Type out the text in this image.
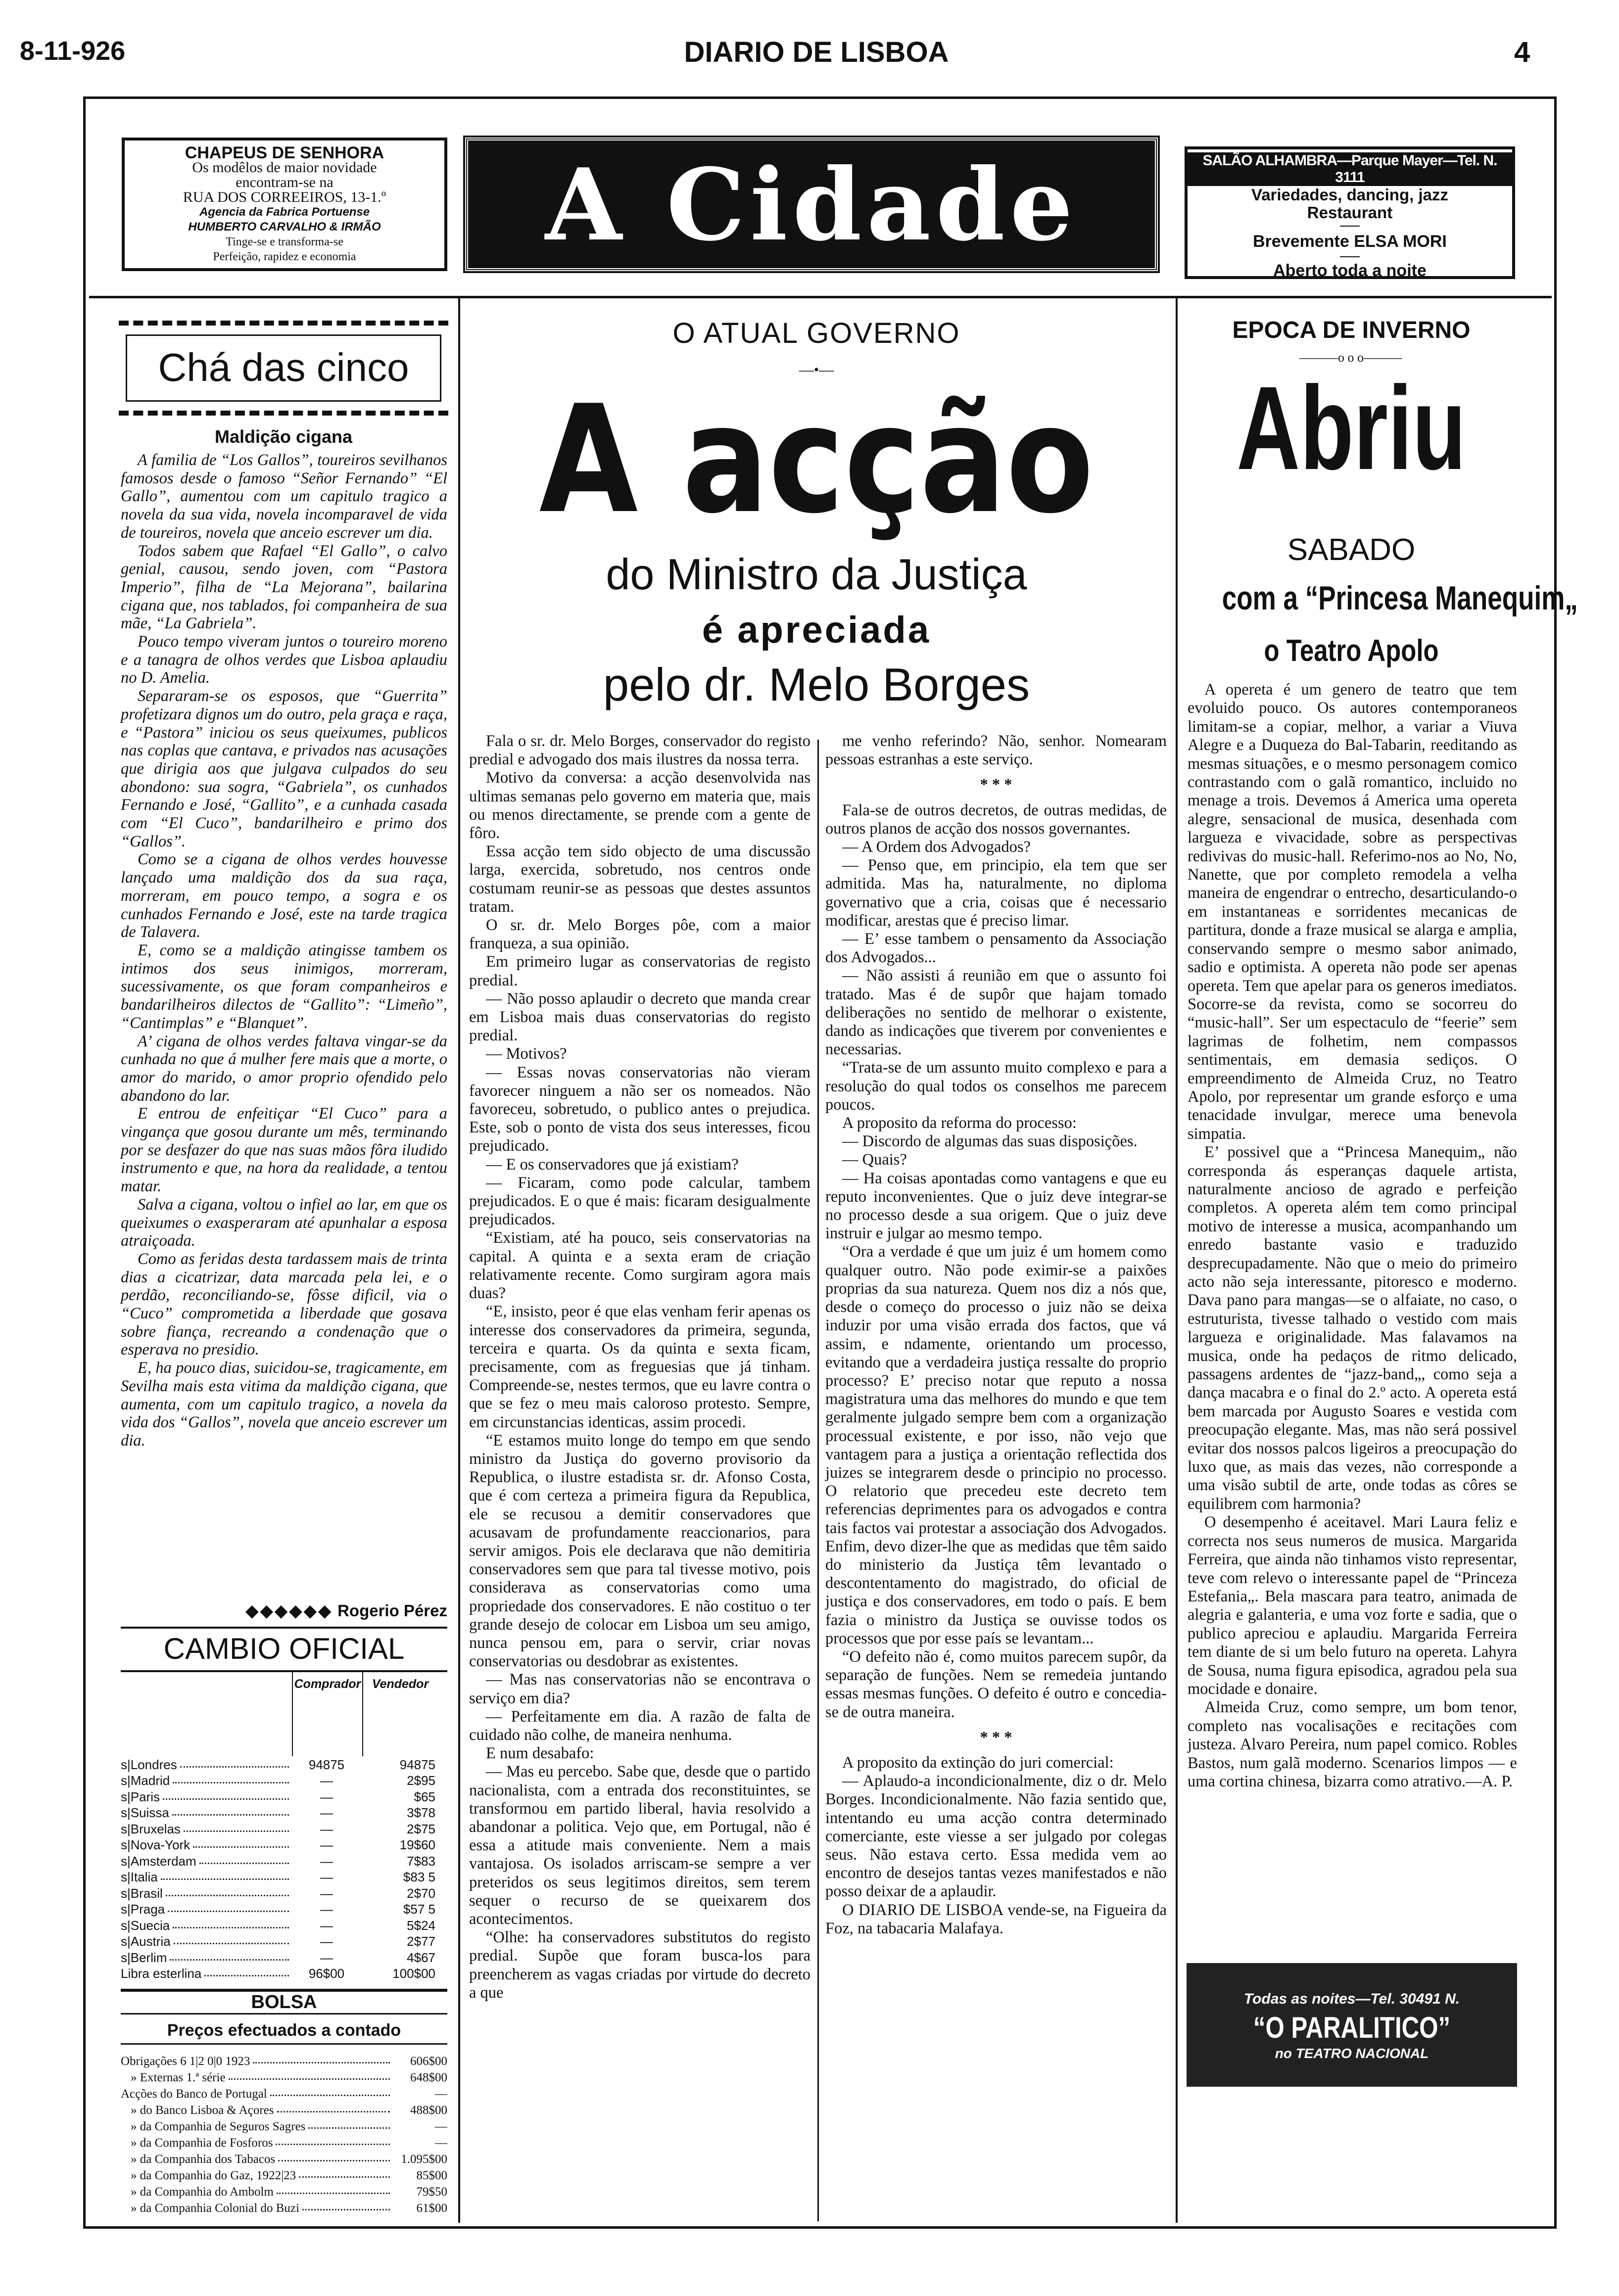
8-11-926	DIARIO DE LISBOA	4
CHAPEUS DE SENHORA
Os modêlos de maior novidade
encontram-se na
RUA DOS CORREEIROS, 13-1.º
Agencia da Fabrica Portuense
HUMBERTO CARVALHO & IRMÃO
Tinge-se e transforma-se
Perfeição, rapidez e economia	A Cidade	SALÃO ALHAMBRA—Parque Mayer—Tel. N. 3111
Variedades, dancing, jazz
Restaurant
Brevemente ELSA MORI
Aberto toda a noite
Chá das cinco
Maldição cigana

A familia de “Los Gallos”, toureiros sevilhanos famosos desde o famoso “Señor Fernando” “El Gallo”, aumentou com um capitulo tragico a novela da sua vida, novela incomparavel de vida de toureiros, novela que anceio escrever um dia.

Todos sabem que Rafael “El Gallo”, o calvo genial, causou, sendo joven, com “Pastora Imperio”, filha de “La Mejorana”, bailarina cigana que, nos tablados, foi companheira de sua mãe, “La Gabriela”.

Pouco tempo viveram juntos o toureiro moreno e a tanagra de olhos verdes que Lisboa aplaudiu no D. Amelia.

Separaram-se os esposos, que “Guerrita” profetizara dignos um do outro, pela graça e raça, e “Pastora” iniciou os seus queixumes, publicos nas coplas que cantava, e privados nas acusações que dirigia aos que julgava culpados do seu abondono: sua sogra, “Gabriela”, os cunhados Fernando e José, “Gallito”, e a cunhada casada com “El Cuco”, bandarilheiro e primo dos “Gallos”.

Como se a cigana de olhos verdes houvesse lançado uma maldição dos da sua raça, morreram, em pouco tempo, a sogra e os cunhados Fernando e José, este na tarde tragica de Talavera.

E, como se a maldição atingisse tambem os intimos dos seus inimigos, morreram, sucessivamente, os que foram companheiros e bandarilheiros dilectos de “Gallito”: “Limeño”, “Cantimplas” e “Blanquet”.

A’ cigana de olhos verdes faltava vingar-se da cunhada no que á mulher fere mais que a morte, o amor do marido, o amor proprio ofendido pelo abandono do lar.

E entrou de enfeitiçar “El Cuco” para a vingança que gosou durante um mês, terminando por se desfazer do que nas suas mãos fôra iludido instrumento e que, na hora da realidade, a tentou matar.

Salva a cigana, voltou o infiel ao lar, em que os queixumes o exasperaram até apunhalar a esposa atraiçoada.

Como as feridas desta tardassem mais de trinta dias a cicatrizar, data marcada pela lei, e o perdão, reconciliando-se, fôsse dificil, via o “Cuco” comprometida a liberdade que gosava sobre fiança, recreando a condenação que o esperava no presidio.

E, ha pouco dias, suicidou-se, tragicamente, em Sevilha mais esta vitima da maldição cigana, que aumenta, com um capitulo tragico, a novela da vida dos “Gallos”, novela que anceio escrever um dia.

◆◆◆◆◆◆ Rogerio Pérez
CAMBIO OFICIAL
Comprador Vendedor
s|Londres	94875	94875
s|Madrid	—	2$95
s|Paris	—	$65
s|Suissa	—	3$78
s|Bruxelas	—	2$75
s|Nova-York	—	19$60
s|Amsterdam	—	7$83
s|Italia	—	$83 5
s|Brasil	—	2$70
s|Praga	—	$57 5
s|Suecia	—	5$24
s|Austria	—	2$77
s|Berlim	—	4$67
Libra esterlina	96$00	100$00
BOLSA
Preços efectuados a contado
Obrigações 6 1|2 0|0 1923	606$00
» Externas 1.ª série	648$00
Acções do Banco de Portugal	—
» do Banco Lisboa & Açores	488$00
» da Companhia de Seguros Sagres	—
» da Companhia de Fosforos	—
» da Companhia dos Tabacos	1.095$00
» da Companhia do Gaz, 1922|23	85$00
» da Companhia do Ambolm	79$50
» da Companhia Colonial do Buzi	61$00
O ATUAL GOVERNO
—•—
A acção
do Ministro da Justiça
é apreciada
pelo dr. Melo Borges

Fala o sr. dr. Melo Borges, conservador do registo predial e advogado dos mais ilustres da nossa terra.

Motivo da conversa: a acção desenvolvida nas ultimas semanas pelo governo em materia que, mais ou menos directamente, se prende com a gente de fôro.

Essa acção tem sido objecto de uma discussão larga, exercida, sobretudo, nos centros onde costumam reunir-se as pessoas que destes assuntos tratam.

O sr. dr. Melo Borges pôe, com a maior franqueza, a sua opinião.

Em primeiro lugar as conservatorias de registo predial.

— Não posso aplaudir o decreto que manda crear em Lisboa mais duas conservatorias do registo predial.

— Motivos?

— Essas novas conservatorias não vieram favorecer ninguem a não ser os nomeados. Não favoreceu, sobretudo, o publico antes o prejudica. Este, sob o ponto de vista dos seus interesses, ficou prejudicado.

— E os conservadores que já existiam?

— Ficaram, como pode calcular, tambem prejudicados. E o que é mais: ficaram desigualmente prejudicados.

“Existiam, até ha pouco, seis conservatorias na capital. A quinta e a sexta eram de criação relativamente recente. Como surgiram agora mais duas?

“E, insisto, peor é que elas venham ferir apenas os interesse dos conservadores da primeira, segunda, terceira e quarta. Os da quinta e sexta ficam, precisamente, com as freguesias que já tinham. Compreende-se, nestes termos, que eu lavre contra o que se fez o meu mais caloroso protesto. Sempre, em circunstancias identicas, assim procedi.

“E estamos muito longe do tempo em que sendo ministro da Justiça do governo provisorio da Republica, o ilustre estadista sr. dr. Afonso Costa, que é com certeza a primeira figura da Republica, ele se recusou a demitir conservadores que acusavam de profundamente reaccionarios, para servir amigos. Pois ele declarava que não demitiria conservadores sem que para tal tivesse motivo, pois considerava as conservatorias como uma propriedade dos conservadores. E não costituo o ter grande desejo de colocar em Lisboa um seu amigo, nunca pensou em, para o servir, criar novas conservatorias ou desdobrar as existentes.

— Mas nas conservatorias não se encontrava o serviço em dia?

— Perfeitamente em dia. A razão de falta de cuidado não colhe, de maneira nenhuma.

E num desabafo:

— Mas eu percebo. Sabe que, desde que o partido nacionalista, com a entrada dos reconstituintes, se transformou em partido liberal, havia resolvido a abandonar a politica. Vejo que, em Portugal, não é essa a atitude mais conveniente. Nem a mais vantajosa. Os isolados arriscam-se sempre a ver preteridos os seus legitimos direitos, sem terem sequer o recurso de se queixarem dos acontecimentos.

“Olhe: ha conservadores substitutos do registo predial. Supõe que foram busca-los para preencherem as vagas criadas por virtude do decreto a que

me venho referindo? Não, senhor. Nomearam pessoas estranhas a este serviço.

* * *

Fala-se de outros decretos, de outras medidas, de outros planos de acção dos nossos governantes.

— A Ordem dos Advogados?

— Penso que, em principio, ela tem que ser admitida. Mas ha, naturalmente, no diploma governativo que a cria, coisas que é necessario modificar, arestas que é preciso limar.

— E’ esse tambem o pensamento da Associação dos Advogados...

— Não assisti á reunião em que o assunto foi tratado. Mas é de supôr que hajam tomado deliberações no sentido de melhorar o existente, dando as indicações que tiverem por convenientes e necessarias.

“Trata-se de um assunto muito complexo e para a resolução do qual todos os conselhos me parecem poucos.

A proposito da reforma do processo:

— Discordo de algumas das suas disposições.

— Quais?

— Ha coisas apontadas como vantagens e que eu reputo inconvenientes. Que o juiz deve integrar-se no processo desde a sua origem. Que o juiz deve instruir e julgar ao mesmo tempo.

“Ora a verdade é que um juiz é um homem como qualquer outro. Não pode eximir-se a paixões proprias da sua natureza. Quem nos diz a nós que, desde o começo do processo o juiz não se deixa induzir por uma visão errada dos factos, que vá assim, e ndamente, orientando um processo, evitando que a verdadeira justiça ressalte do proprio processo? E’ preciso notar que reputo a nossa magistratura uma das melhores do mundo e que tem geralmente julgado sempre bem com a organização processual existente, e por isso, não vejo que vantagem para a justiça a orientação reflectida dos juizes se integrarem desde o principio no processo. O relatorio que precedeu este decreto tem referencias deprimentes para os advogados e contra tais factos vai protestar a associação dos Advogados. Enfim, devo dizer-lhe que as medidas que têm saido do ministerio da Justiça têm levantado o descontentamento do magistrado, do oficial de justiça e dos conservadores, em todo o país. E bem fazia o ministro da Justiça se ouvisse todos os processos que por esse país se levantam...

“O defeito não é, como muitos parecem supôr, da separação de funções. Nem se remedeia juntando essas mesmas funções. O defeito é outro e concedia-se de outra maneira.

* * *

A proposito da extinção do juri comercial:

— Aplaudo-a incondicionalmente, diz o dr. Melo Borges. Incondicionalmente. Não fazia sentido que, intentando eu uma acção contra determinado comerciante, este viesse a ser julgado por colegas seus. Não estava certo. Essa medida vem ao encontro de desejos tantas vezes manifestados e não posso deixar de a aplaudir.

O DIARIO DE LISBOA vende-se, na Figueira da Foz, na tabacaria Malafaya.

EPOCA DE INVERNO
———o o o———
Abriu
SABADO
com a “Princesa Manequim„
o Teatro Apolo

A opereta é um genero de teatro que tem evoluido pouco. Os autores contemporaneos limitam-se a copiar, melhor, a variar a Viuva Alegre e a Duqueza do Bal-Tabarin, reeditando as mesmas situações, e o mesmo personagem comico contrastando com o galã romantico, incluido no menage a trois. Devemos á America uma opereta alegre, sensacional de musica, desenhada com largueza e vivacidade, sobre as perspectivas redivivas do music-hall. Referimo-nos ao No, No, Nanette, que por completo remodela a velha maneira de engendrar o entrecho, desarticulando-o em instantaneas e sorridentes mecanicas de partitura, donde a fraze musical se alarga e amplia, conservando sempre o mesmo sabor animado, sadio e optimista. A opereta não pode ser apenas opereta. Tem que apelar para os generos imediatos. Socorre-se da revista, como se socorreu do “music-hall”. Ser um espectaculo de “feerie” sem lagrimas de folhetim, nem compassos sentimentais, em demasia sediços. O empreendimento de Almeida Cruz, no Teatro Apolo, por representar um grande esforço e uma tenacidade invulgar, merece uma benevola simpatia.

E’ possivel que a “Princesa Manequim„ não corresponda ás esperanças daquele artista, naturalmente ancioso de agrado e perfeição completos. A opereta além tem como principal motivo de interesse a musica, acompanhando um enredo bastante vasio e traduzido desprecupadamente. Não que o meio do primeiro acto não seja interessante, pitoresco e moderno. Dava pano para mangas—se o alfaiate, no caso, o estruturista, tivesse talhado o vestido com mais largueza e originalidade. Mas falavamos na musica, onde ha pedaços de ritmo delicado, passagens ardentes de “jazz-band„, como seja a dança macabra e o final do 2.º acto. A opereta está bem marcada por Augusto Soares e vestida com preocupação elegante. Mas, mas não será possivel evitar dos nossos palcos ligeiros a preocupação do luxo que, as mais das vezes, não corresponde a uma visão subtil de arte, onde todas as côres se equilibrem com harmonia?

O desempenho é aceitavel. Mari Laura feliz e correcta nos seus numeros de musica. Margarida Ferreira, que ainda não tinhamos visto representar, teve com relevo o interessante papel de “Princeza Estefania„. Bela mascara para teatro, animada de alegria e galanteria, e uma voz forte e sadia, que o publico apreciou e aplaudiu. Margarida Ferreira tem diante de si um belo futuro na opereta. Lahyra de Sousa, numa figura episodica, agradou pela sua mocidade e donaire.

Almeida Cruz, como sempre, um bom tenor, completo nas vocalisações e recitações com justeza. Alvaro Pereira, num papel comico. Robles Bastos, num galã moderno. Scenarios limpos — e uma cortina chinesa, bizarra como atrativo.—A. P.

Todas as noites—Tel. 30491 N.
“O PARALITICO”
no TEATRO NACIONAL
